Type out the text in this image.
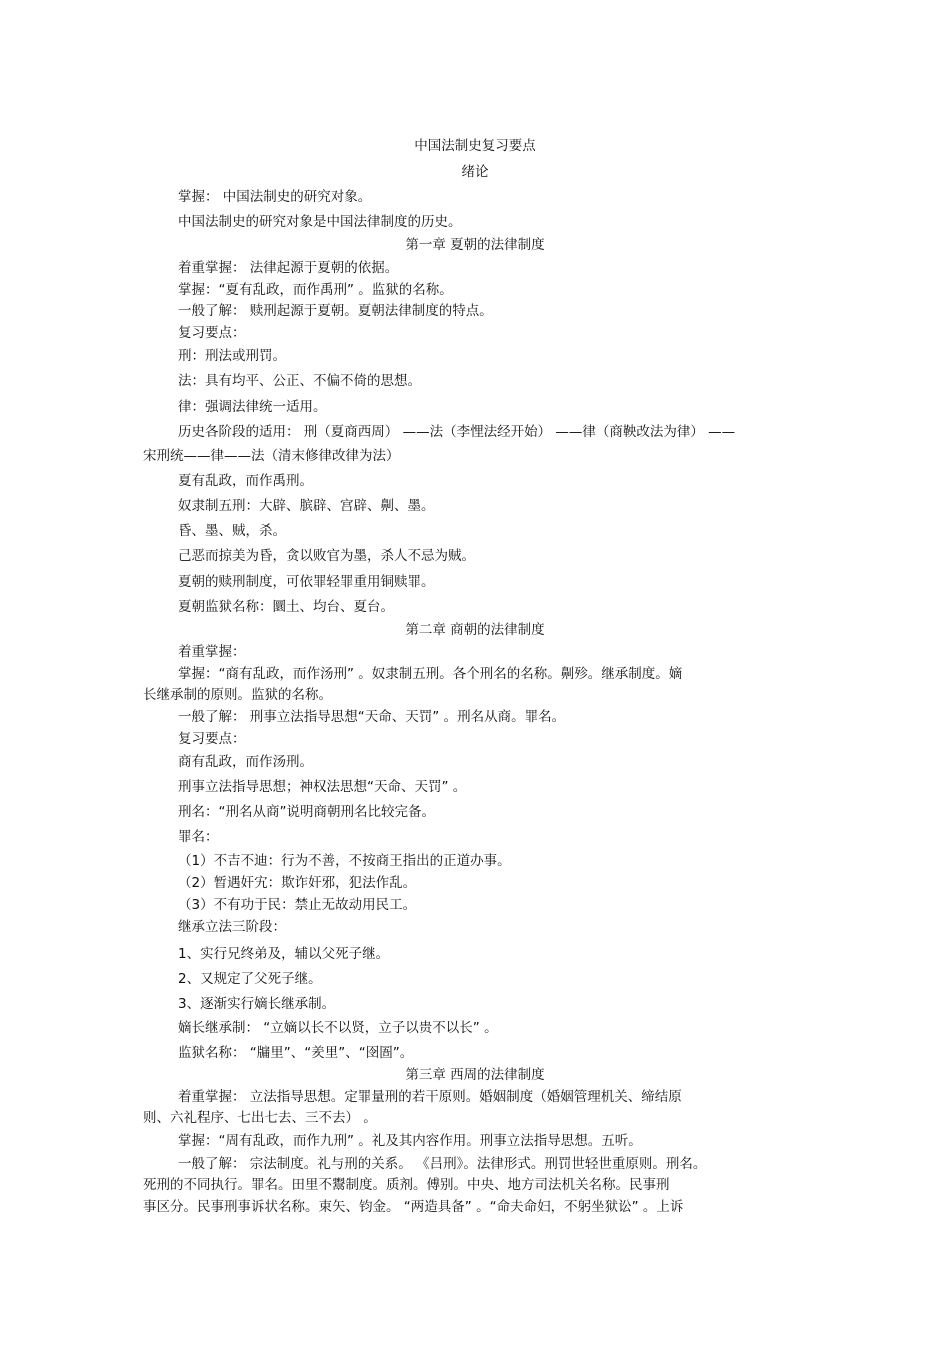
中国法制史复习要点
绪论
掌握： 中国法制史的研究对象。
中国法制史的研究对象是中国法律制度的历史。
第一章 夏朝的法律制度
着重掌握： 法律起源于夏朝的依据。
掌握：“夏有乱政，而作禹刑” 。监狱的名称。
一般了解： 赎刑起源于夏朝。夏朝法律制度的特点。
复习要点：
刑：刑法或刑罚。
法：具有均平、公正、不偏不倚的思想。
律：强调法律统一适用。
历史各阶段的适用： 刑（夏商西周） ——法（李悝法经开始） ——律（商鞅改法为律） ——
宋刑统——律——法（清末修律改律为法）
夏有乱政，而作禹刑。
奴隶制五刑：大辟、膑辟、宫辟、劓、墨。
昏、墨、贼，杀。
己恶而掠美为昏，贪以败官为墨，杀人不忌为贼。
夏朝的赎刑制度，可依罪轻罪重用铜赎罪。
夏朝监狱名称：圜土、均台、夏台。
第二章 商朝的法律制度
着重掌握：
掌握：“商有乱政，而作汤刑” 。奴隶制五刑。各个刑名的名称。劓殄。继承制度。嫡
长继承制的原则。监狱的名称。
一般了解： 刑事立法指导思想“天命、天罚” 。刑名从商。罪名。
复习要点：
商有乱政，而作汤刑。
刑事立法指导思想；神权法思想“天命、天罚” 。
刑名：“刑名从商”说明商朝刑名比较完备。
罪名：
（1）不吉不迪：行为不善，不按商王指出的正道办事。
（2）暂遇奸宄：欺诈奸邪，犯法作乱。
（3）不有功于民：禁止无故动用民工。
继承立法三阶段：
1、实行兄终弟及，辅以父死子继。
2、又规定了父死子继。
3、逐渐实行嫡长继承制。
嫡长继承制： “立嫡以长不以贤，立子以贵不以长” 。
监狱名称： “牖里”、“羑里”、“囹圄”。
第三章 西周的法律制度
着重掌握： 立法指导思想。定罪量刑的若干原则。婚姻制度（婚姻管理机关、缔结原
则、六礼程序、七出七去、三不去） 。
掌握：“周有乱政，而作九刑” 。礼及其内容作用。刑事立法指导思想。五听。
一般了解： 宗法制度。礼与刑的关系。 《吕刑》。法律形式。刑罚世轻世重原则。刑名。
死刑的不同执行。罪名。田里不鬻制度。质剂。傅别。中央、地方司法机关名称。民事刑
事区分。民事刑事诉状名称。束矢、钧金。 “两造具备” 。“命夫命妇，不躬坐狱讼” 。上诉
